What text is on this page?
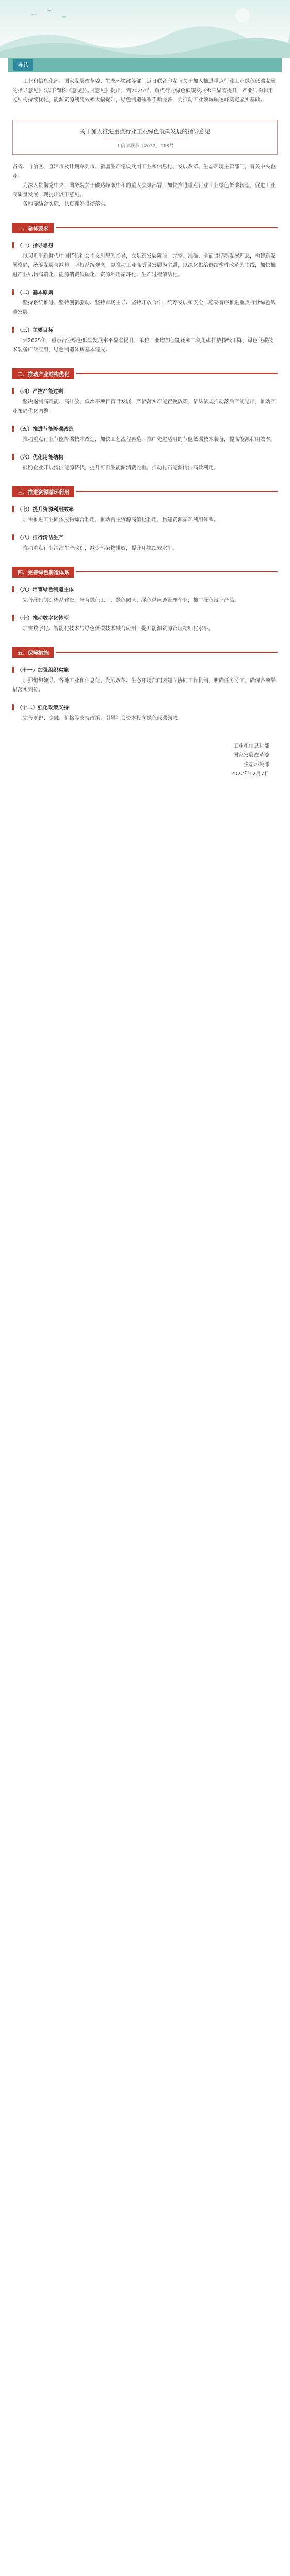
导读
工业和信息化部、国家发展改革委、生态环境部等部门近日联合印发《关于加入推进重点行业工业绿色低碳发展的指导意见》（以下简称《意见》）。《意见》提出，到2025年，重点行业绿色低碳发展水平显著提升，产业结构和用能结构持续优化，能源资源利用效率大幅提升，绿色制造体系不断完善，为推动工业领域碳达峰奠定坚实基础。
关于加入推进重点行业工业绿色低碳发展的指导意见
工信部联节〔2022〕168号
各省、自治区、直辖市及计划单列市、新疆生产建设兵团工业和信息化、发展改革、生态环境主管部门，有关中央企业：
为深入贯彻党中央、国务院关于碳达峰碳中和的重大决策部署，加快推进重点行业工业绿色低碳转型，促进工业高质量发展，现提出以下意见。
各地要结合实际，认真抓好贯彻落实。
一、总体要求
（一）指导思想
以习近平新时代中国特色社会主义思想为指导，立足新发展阶段，完整、准确、全面贯彻新发展理念，构建新发展格局，统筹发展与减排，坚持系统观念，以推动工业高质量发展为主题，以深化供给侧结构性改革为主线，加快推进产业结构高端化、能源消费低碳化、资源利用循环化、生产过程清洁化。
（二）基本原则
坚持系统推进、坚持创新驱动、坚持市场主导、坚持开放合作，统筹发展和安全，稳妥有序推进重点行业绿色低碳发展。
（三）主要目标
到2025年，重点行业绿色低碳发展水平显著提升，单位工业增加值能耗和二氧化碳排放持续下降，绿色低碳技术装备广泛应用，绿色制造体系基本建成。
二、推动产业结构优化
（四）严控产能过剩
坚决遏制高耗能、高排放、低水平项目盲目发展，严格落实产能置换政策，依法依规推动落后产能退出，推动产业布局优化调整。
（五）推进节能降碳改造
推动重点行业节能降碳技术改造，加快工艺流程再造，推广先进适用的节能低碳技术装备，提高能源利用效率。
（六）优化用能结构
鼓励企业开展清洁能源替代，提升可再生能源消费比重，推动化石能源清洁高效利用。
三、推进资源循环利用
（七）提升资源利用效率
加快推进工业固体废物综合利用，推动再生资源高值化利用，构建资源循环利用体系。
（八）推行清洁生产
推动重点行业清洁生产改造，减少污染物排放，提升环境绩效水平。
四、完善绿色制造体系
（九）培育绿色制造主体
完善绿色制造体系建设，培育绿色工厂、绿色园区、绿色供应链管理企业，推广绿色设计产品。
（十）推动数字化转型
加快数字化、智能化技术与绿色低碳技术融合应用，提升能源资源管理精细化水平。
五、保障措施
（十一）加强组织实施
加强组织领导，各地工业和信息化、发展改革、生态环境部门要建立协同工作机制，明确任务分工，确保各项举措落实到位。
（十二）强化政策支持
完善财税、金融、价格等支持政策，引导社会资本投向绿色低碳领域。
工业和信息化部
国家发展改革委
生态环境部
2022年12月7日
